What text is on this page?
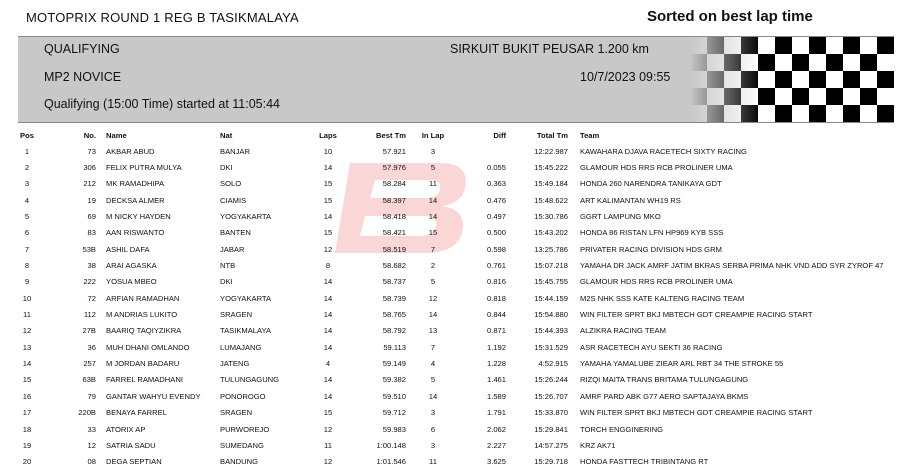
MOTOPRIX ROUND 1 REG B TASIKMALAYA	Sorted on best lap time
QUALIFYING	SIRKUIT BUKIT PEUSAR 1.200 km
MP2 NOVICE	10/7/2023 09:55
Qualifying (15:00 Time) started at 11:05:44
Pos	No.	Name	Nat	Laps	Best Tm	In Lap	Diff	Total Tm	Team
1	73	AKBAR ABUD	BANJAR	10	57.921	3		12:22.987	KAWAHARA DJAVA RACETECH SIXTY RACING
2	306	FELIX PUTRA MULYA	DKI	14	57.976	5	0.055	15:45.222	GLAMOUR HDS RRS RCB PROLINER UMA
3	212	MK RAMADHIPA	SOLO	15	58.284	11	0.363	15:49.184	HONDA 260 NARENDRA TANIKAYA GDT
4	19	DECKSA ALMER	CIAMIS	15	58.397	14	0.476	15:48.622	ART KALIMANTAN WH19 RS
5	69	M NICKY HAYDEN	YOGYAKARTA	14	58.418	14	0.497	15:30.786	GGRT LAMPUNG MKO
6	83	AAN RISWANTO	BANTEN	15	58.421	15	0.500	15:43.202	HONDA 86 RISTAN LFN HP969 KYB SSS
7	53B	ASHIL DAFA	JABAR	12	58.519	7	0.598	13:25.786	PRIVATER RACING DIVISION HDS GRM
8	38	ARAI AGASKA	NTB	8	58.682	2	0.761	15:07.218	YAMAHA DR JACK AMRF JATIM BKRAS SERBA PRIMA NHK VND ADD SYR ZYROF 47
9	222	YOSUA MBEO	DKI	14	58.737	5	0.816	15:45.755	GLAMOUR HDS RRS RCB PROLINER UMA
10	72	ARFIAN RAMADHAN	YOGYAKARTA	14	58.739	12	0.818	15:44.159	M2S NHK SSS KATE KALTENG RACING TEAM
11	112	M ANDRIAS LUKITO	SRAGEN	14	58.765	14	0.844	15:54.880	WIN FILTER SPRT BKJ MBTECH GDT CREAMPIE RACING START
12	27B	BAARIQ TAQIYZIKRA	TASIKMALAYA	14	58.792	13	0.871	15:44.393	ALZIKRA RACING TEAM
13	36	MUH DHANI OMLANDO	LUMAJANG	14	59.113	7	1.192	15:31.529	ASR RACETECH AYU SEKTI 36 RACING
14	257	M JORDAN BADARU	JATENG	4	59.149	4	1.228	4:52.915	YAMAHA YAMALUBE ZIEAR ARL RBT 34 THE STROKE 55
15	63B	FARREL RAMADHANI	TULUNGAGUNG	14	59.382	5	1.461	15:26.244	RIZQI MAITA TRANS BRITAMA TULUNGAGUNG
16	79	GANTAR WAHYU EVENDY	PONOROGO	14	59.510	14	1.589	15:26.707	AMRF PARD ABK G77 AERO SAPTAJAYA BKMS
17	220B	BENAYA FARREL	SRAGEN	15	59.712	3	1.791	15:33.870	WIN FILTER SPRT BKJ MBTECH GDT CREAMPIE RACING START
18	33	ATORIX AP	PURWOREJO	12	59.983	6	2.062	15:29.841	TORCH ENGGINERING
19	12	SATRIA SADU	SUMEDANG	11	1:00.148	3	2.227	14:57.275	KRZ AK71
20	08	DEGA SEPTIAN	BANDUNG	12	1:01.546	11	3.625	15:29.718	HONDA FASTTECH TRIBINTANG RT
